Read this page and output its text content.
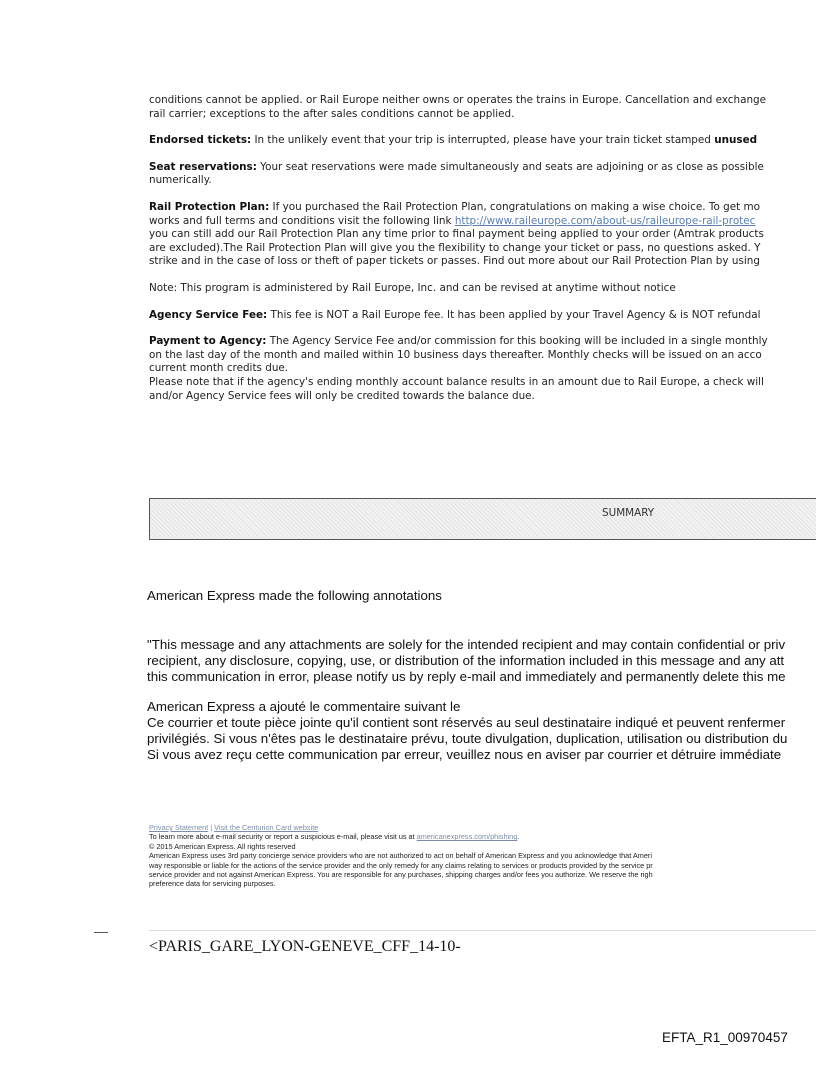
conditions cannot be applied. or Rail Europe neither owns or operates the trains in Europe. Cancellation and exchange
rail carrier; exceptions to the after sales conditions cannot be applied.
Endorsed tickets: In the unlikely event that your trip is interrupted, please have your train ticket stamped unused
Seat reservations: Your seat reservations were made simultaneously and seats are adjoining or as close as possible
numerically.
Rail Protection Plan: If you purchased the Rail Protection Plan, congratulations on making a wise choice. To get mo
works and full terms and conditions visit the following link http://www.raileurope.com/about-us/raileurope-rail-protec
you can still add our Rail Protection Plan any time prior to final payment being applied to your order (Amtrak products
are excluded).The Rail Protection Plan will give you the flexibility to change your ticket or pass, no questions asked. Y
strike and in the case of loss or theft of paper tickets or passes. Find out more about our Rail Protection Plan by using
Note: This program is administered by Rail Europe, Inc. and can be revised at anytime without notice
Agency Service Fee: This fee is NOT a Rail Europe fee. It has been applied by your Travel Agency & is NOT refundal
Payment to Agency: The Agency Service Fee and/or commission for this booking will be included in a single monthly
on the last day of the month and mailed within 10 business days thereafter. Monthly checks will be issued on an acco
current month credits due.
Please note that if the agency's ending monthly account balance results in an amount due to Rail Europe, a check will
and/or Agency Service fees will only be credited towards the balance due.
SUMMARY
American Express made the following annotations
"This message and any attachments are solely for the intended recipient and may contain confidential or priv
recipient, any disclosure, copying, use, or distribution of the information included in this message and any att
this communication in error, please notify us by reply e-mail and immediately and permanently delete this me
American Express a ajouté le commentaire suivant le
Ce courrier et toute pièce jointe qu'il contient sont réservés au seul destinataire indiqué et peuvent renfermer
privilégiés. Si vous n'êtes pas le destinataire prévu, toute divulgation, duplication, utilisation ou distribution du
Si vous avez reçu cette communication par erreur, veuillez nous en aviser par courrier et détruire immédiate
Privacy Statement | Visit the Centurion Card website
To learn more about e-mail security or report a suspicious e-mail, please visit us at americanexpress.com/phishing.
© 2015 American Express. All rights reserved
American Express uses 3rd party concierge service providers who are not authorized to act on behalf of American Express and you acknowledge that Ameri
way responsible or liable for the actions of the service provider and the only remedy for any claims relating to services or products provided by the service pr
service provider and not against American Express. You are responsible for any purchases, shipping charges and/or fees you authorize. We reserve the righ
preference data for servicing purposes.
<PARIS_GARE_LYON-GENEVE_CFF_14-10-
EFTA_R1_00970457
